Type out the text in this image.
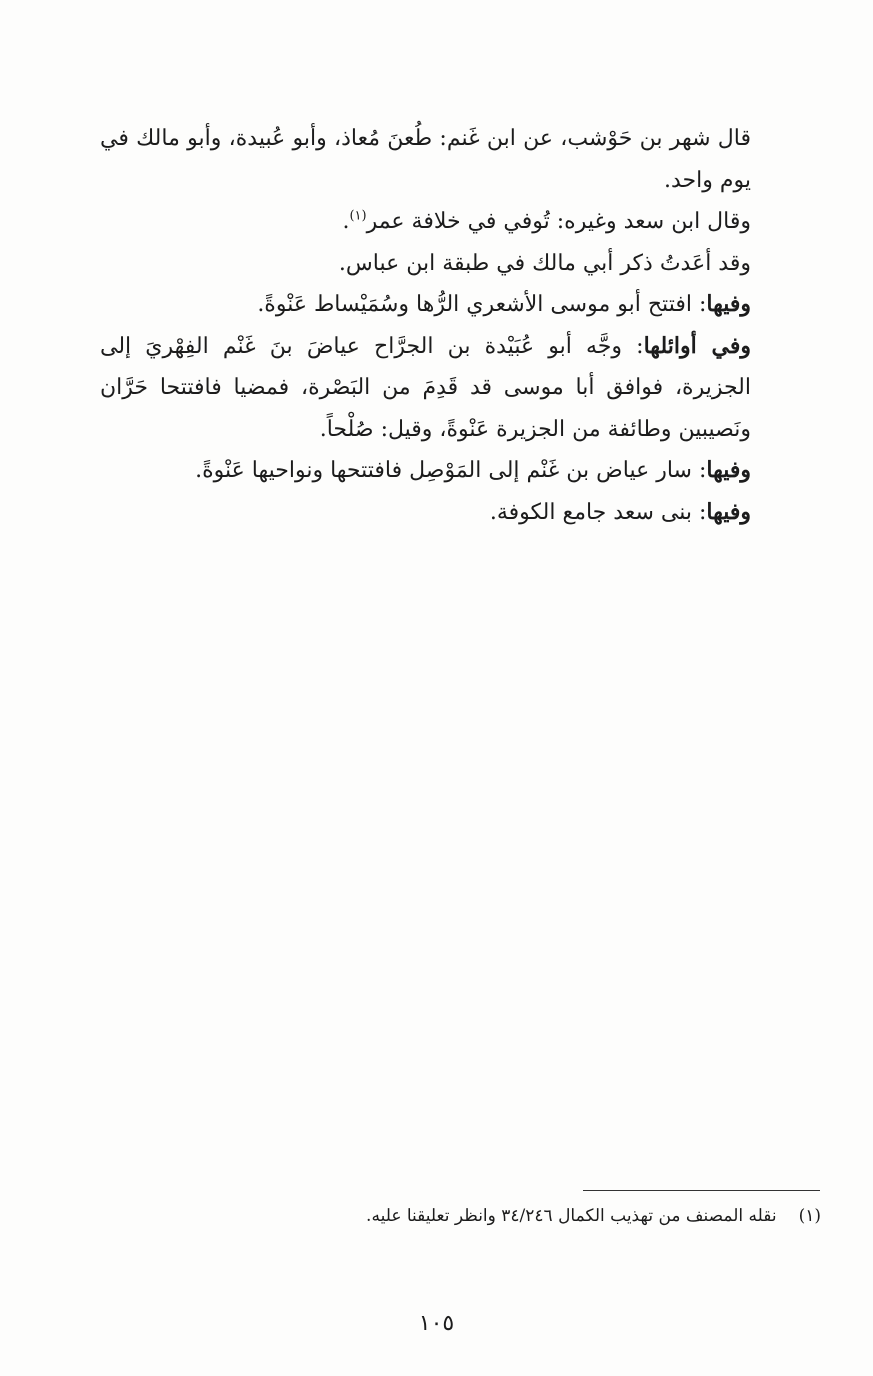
قال شهر بن حَوْشب، عن ابن غَنم: طُعنَ مُعاذ، وأبو عُبيدة، وأبو مالك في يوم واحد.

وقال ابن سعد وغيره: تُوفي في خلافة عمر$^{(١)}$.

وقد أعَدتُ ذكر أبي مالك في طبقة ابن عباس.

وفيها: افتتح أبو موسى الأشعري الرُّها وسُمَيْساط عَنْوةً.

وفي أوائلها: وجَّه أبو عُبَيْدة بن الجرَّاح عياضَ بنَ غَنْم الفِهْريَ إلى الجزيرة، فوافق أبا موسى قد قَدِمَ من البَصْرة، فمضيا فافتتحا حَرَّان ونَصيبين وطائفة من الجزيرة عَنْوةً، وقيل: صُلْحاً.

وفيها: سار عياض بن غَنْم إلى المَوْصِل فافتتحها ونواحيها عَنْوةً.

وفيها: بنى سعد جامع الكوفة.

(١)نقله المصنف من تهذيب الكمال ٣٤/٢٤٦ وانظر تعليقنا عليه.
١٠٥
